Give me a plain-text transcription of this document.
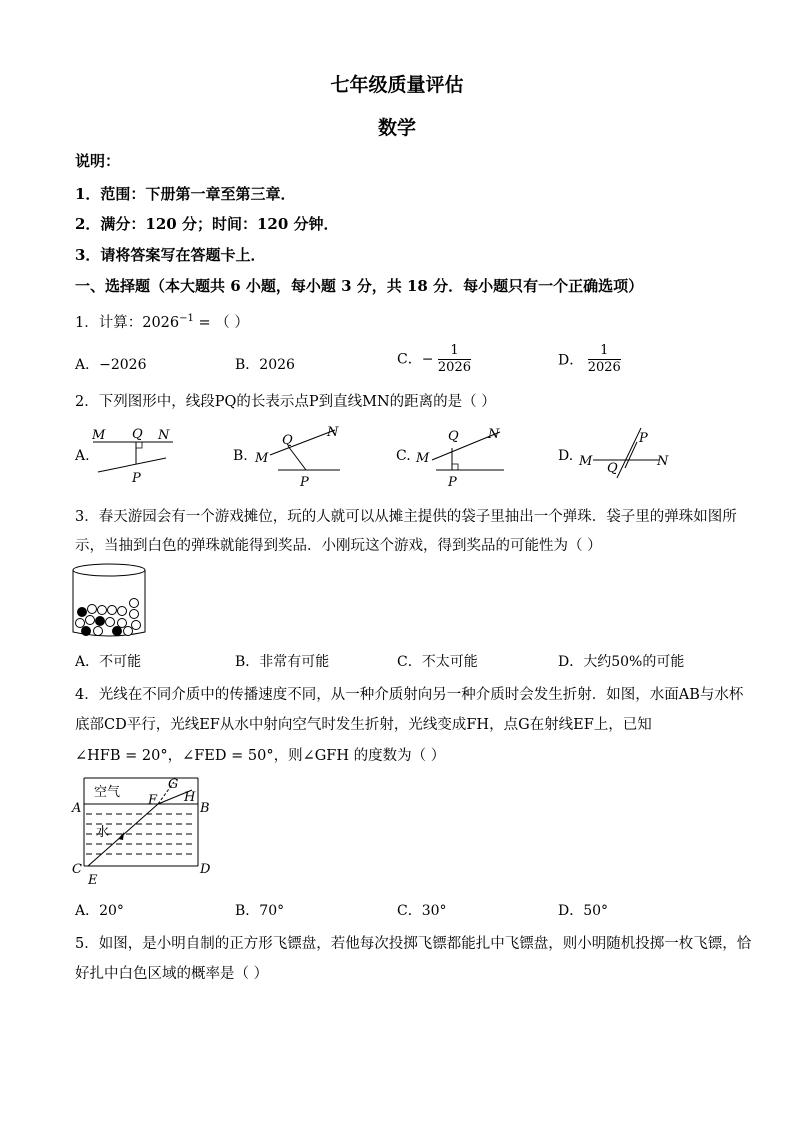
七年级质量评估
数学
说明：
1．范围：下册第一章至第三章．
2．满分：120 分；时间：120 分钟．
3．请将答案写在答题卡上．
一、选择题（本大题共 6 小题，每小题 3 分，共 18 分．每小题只有一个正确选项）
1．计算：$2026^{-1}$ = （ ）
A．−2026	B．2026	C．− $\frac{1}{2026}$	D． $\frac{1}{2026}$
2．下列图形中，线段PQ的长表示点P到直线MN的距离的是（ ）
A.
M Q N
P
B. M
Q
N
P
C. M
Q N
P
D. M Q	N
P
3．春天游园会有一个游戏摊位，玩的人就可以从摊主提供的袋子里抽出一个弹珠．袋子里的弹珠如图所
示，当抽到白色的弹珠就能得到奖品．小刚玩这个游戏，得到奖品的可能性为（ ）
A．不可能	B．非常有可能	C．不太可能	D．大约50%的可能
4．光线在不同介质中的传播速度不同，从一种介质射向另一种介质时会发生折射．如图，水面AB与水杯
底部CD平行，光线EF从水中射向空气时发生折射，光线变成FH，点G在射线EF上，已知
∠HFB = 20°，∠FED = 50°，则∠GFH 的度数为（ ）
空气
水
A	B
C	D
E
F
G
H
A．20°	B．70°	C．30°	D．50°
5．如图，是小明自制的正方形飞镖盘，若他每次投掷飞镖都能扎中飞镖盘，则小明随机投掷一枚飞镖，恰
好扎中白色区域的概率是（ ）
